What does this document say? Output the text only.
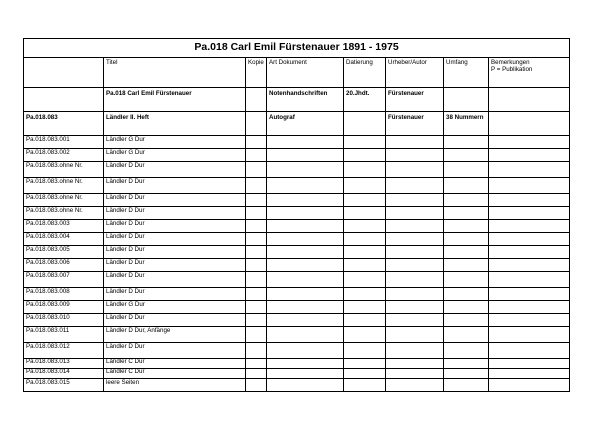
Pa.018 Carl Emil Fürstenauer 1891 - 1975							
	Titel	Kopie	Art Dokument	Datierung	Urheber/Autor	Umfang	Bemerkungen
P = Publikation
	Pa.018 Carl Emil Fürstenauer		Notenhandschriften	20.Jhdt.	Fürstenauer		
Pa.018.083	Ländler II. Heft		Autograf		Fürstenauer	38 Nummern	
Pa.018.083.001	Ländler G Dur						
Pa.018.083.002	Ländler G Dur						
Pa.018.083.ohne Nr.	Ländler D Dur						
Pa.018.083.ohne Nr.	Ländler D Dur						
Pa.018.083.ohne Nr.	Ländler D Dur						
Pa.018.083.ohne Nr.	Ländler D Dur						
Pa.018.083.003	Ländler D Dur						
Pa.018.083.004	Ländler D Dur						
Pa.018.083.005	Ländler D Dur						
Pa.018.083.006	Ländler D Dur						
Pa.018.083.007	Ländler D Dur						
Pa.018.083.008	Ländler D Dur						
Pa.018.083.009	Ländler G Dur						
Pa.018.083.010	Ländler D Dur						
Pa.018.083.011	Ländler D Dur, Anfänge						
Pa.018.083.012	Ländler D Dur						
Pa.018.083.013	Ländler C Dur						
Pa.018.083.014	Ländler C Dur						
Pa.018.083.015	leere Seiten						
